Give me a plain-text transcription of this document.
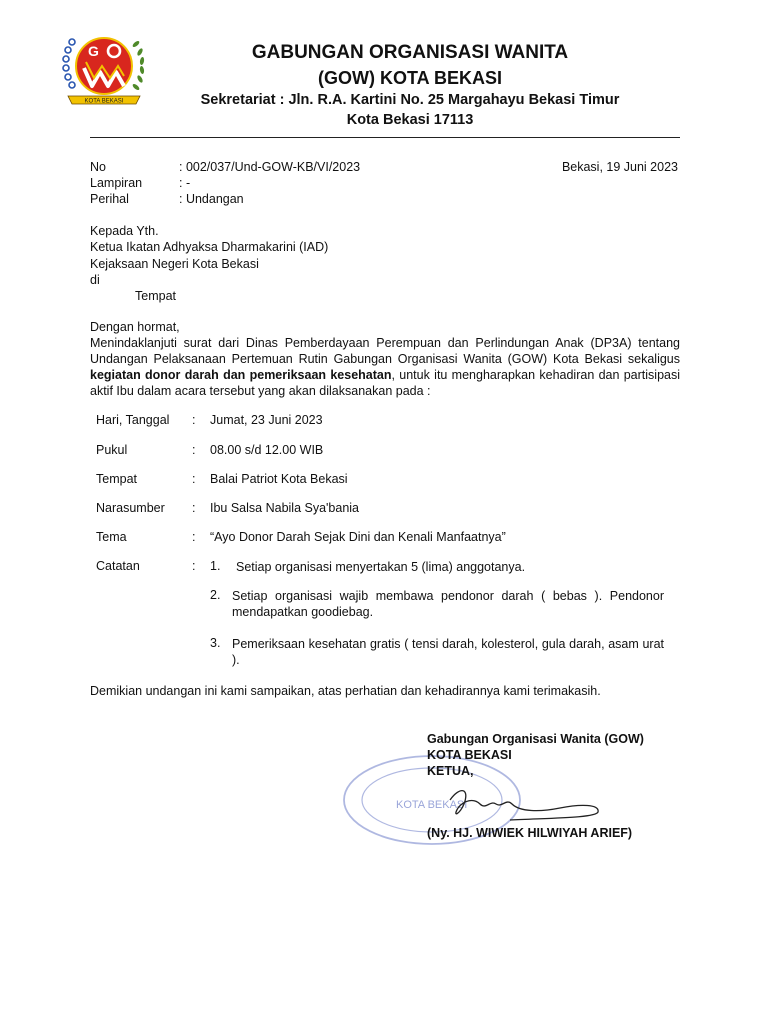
G
KOTA BEKASI
GABUNGAN ORGANISASI WANITA
(GOW) KOTA BEKASI
Sekretariat : Jln. R.A. Kartini No. 25 Margahayu Bekasi Timur
Kota Bekasi 17113
No	: 002/037/Und-GOW-KB/VI/2023	Bekasi, 19 Juni 2023
Lampiran	: -
Perihal	: Undangan
Kepada Yth.
Ketua Ikatan Adhyaksa Dharmakarini (IAD)
Kejaksaan Negeri Kota Bekasi
di
Tempat
Dengan hormat,
Menindaklanjuti surat dari Dinas Pemberdayaan Perempuan dan Perlindungan Anak (DP3A) tentang Undangan Pelaksanaan Pertemuan Rutin Gabungan Organisasi Wanita (GOW) Kota Bekasi sekaligus kegiatan donor darah dan pemeriksaan kesehatan, untuk itu mengharapkan kehadiran dan partisipasi aktif Ibu dalam acara tersebut yang akan dilaksanakan pada :
Hari, Tanggal : Jumat, 23 Juni 2023
Pukul	: 08.00 s/d 12.00 WIB
Tempat	: Balai Patriot Kota Bekasi
Narasumber : Ibu Salsa Nabila Sya'bania
Tema	: “Ayo Donor Darah Sejak Dini dan Kenali Manfaatnya”
Catatan	: 1. Setiap organisasi menyertakan 5 (lima) anggotanya.
2. Setiap organisasi wajib membawa pendonor darah ( bebas ). Pendonor mendapatkan goodiebag.
3. Pemeriksaan kesehatan gratis ( tensi darah, kolesterol, gula darah, asam urat ).
Demikian undangan ini kami sampaikan, atas perhatian dan kehadirannya kami terimakasih.
KOTA BEKASI
Gabungan Organisasi Wanita (GOW)
KOTA BEKASI
KETUA,
(Ny. HJ. WIWIEK HILWIYAH ARIEF)
